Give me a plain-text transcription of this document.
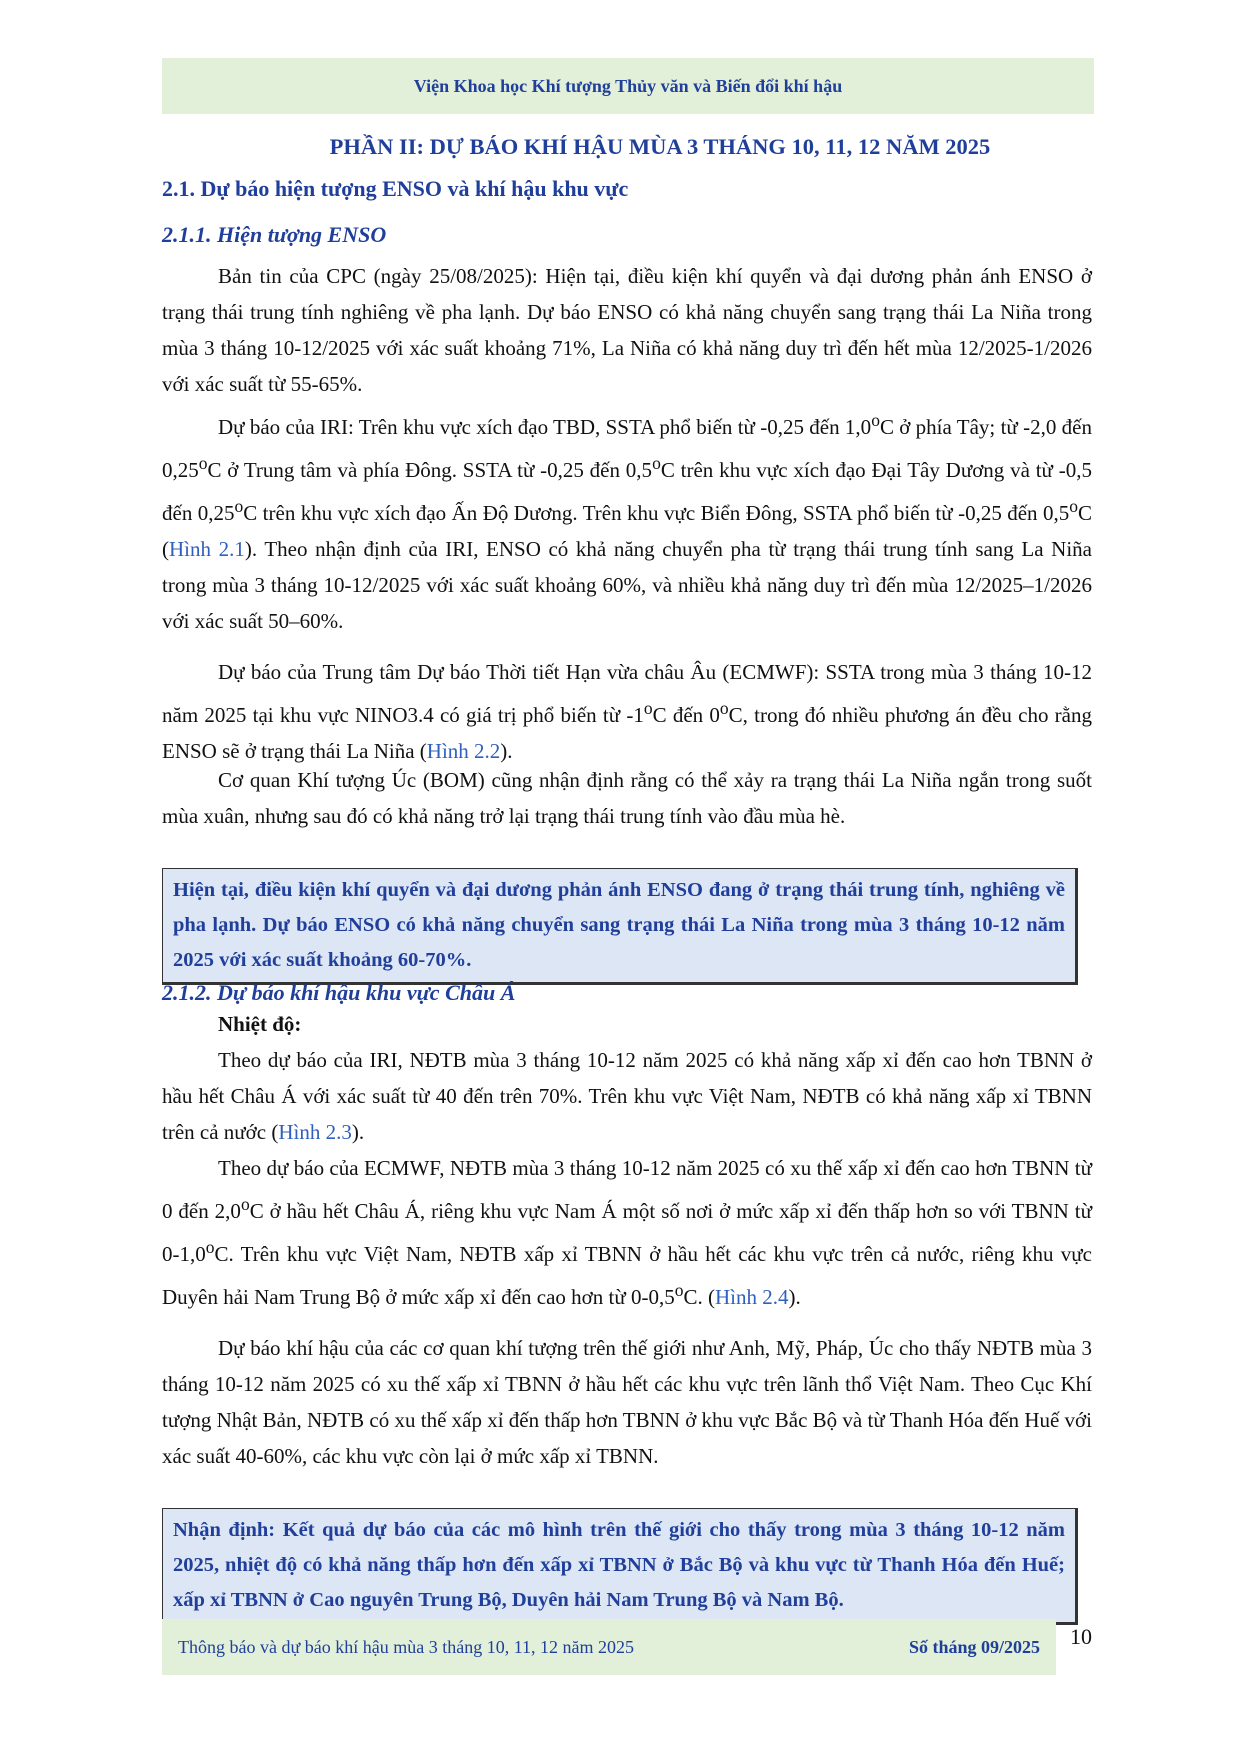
Viện Khoa học Khí tượng Thủy văn và Biến đổi khí hậu
PHẦN II: DỰ BÁO KHÍ HẬU MÙA 3 THÁNG 10, 11, 12 NĂM 2025
2.1. Dự báo hiện tượng ENSO và khí hậu khu vực
2.1.1. Hiện tượng ENSO

Bản tin của CPC (ngày 25/08/2025): Hiện tại, điều kiện khí quyển và đại dương phản ánh ENSO ở trạng thái trung tính nghiêng về pha lạnh. Dự báo ENSO có khả năng chuyển sang trạng thái La Niña trong mùa 3 tháng 10-12/2025 với xác suất khoảng 71%, La Niña có khả năng duy trì đến hết mùa 12/2025-1/2026 với xác suất từ 55-65%.

Dự báo của IRI: Trên khu vực xích đạo TBD, SSTA phổ biến từ -0,25 đến 1,0$^o$C ở phía Tây; từ -2,0 đến 0,25$^o$C ở Trung tâm và phía Đông. SSTA từ -0,25 đến 0,5$^o$C trên khu vực xích đạo Đại Tây Dương và từ -0,5 đến 0,25$^o$C trên khu vực xích đạo Ấn Độ Dương. Trên khu vực Biển Đông, SSTA phổ biến từ -0,25 đến 0,5$^o$C (Hình 2.1). Theo nhận định của IRI, ENSO có khả năng chuyển pha từ trạng thái trung tính sang La Niña trong mùa 3 tháng 10-12/2025 với xác suất khoảng 60%, và nhiều khả năng duy trì đến mùa 12/2025–1/2026 với xác suất 50–60%.

Dự báo của Trung tâm Dự báo Thời tiết Hạn vừa châu Âu (ECMWF): SSTA trong mùa 3 tháng 10-12 năm 2025 tại khu vực NINO3.4 có giá trị phổ biến từ -1$^o$C đến 0$^o$C, trong đó nhiều phương án đều cho rằng ENSO sẽ ở trạng thái La Niña (Hình 2.2).

Cơ quan Khí tượng Úc (BOM) cũng nhận định rằng có thể xảy ra trạng thái La Niña ngắn trong suốt mùa xuân, nhưng sau đó có khả năng trở lại trạng thái trung tính vào đầu mùa hè.

Hiện tại, điều kiện khí quyển và đại dương phản ánh ENSO đang ở trạng thái trung tính, nghiêng về pha lạnh. Dự báo ENSO có khả năng chuyển sang trạng thái La Niña trong mùa 3 tháng 10-12 năm 2025 với xác suất khoảng 60-70%.
2.1.2. Dự báo khí hậu khu vực Châu Á
Nhiệt độ:

Theo dự báo của IRI, NĐTB mùa 3 tháng 10-12 năm 2025 có khả năng xấp xỉ đến cao hơn TBNN ở hầu hết Châu Á với xác suất từ 40 đến trên 70%. Trên khu vực Việt Nam, NĐTB có khả năng xấp xỉ TBNN trên cả nước (Hình 2.3).

Theo dự báo của ECMWF, NĐTB mùa 3 tháng 10-12 năm 2025 có xu thế xấp xỉ đến cao hơn TBNN từ 0 đến 2,0$^o$C ở hầu hết Châu Á, riêng khu vực Nam Á một số nơi ở mức xấp xỉ đến thấp hơn so với TBNN từ 0-1,0$^o$C. Trên khu vực Việt Nam, NĐTB xấp xỉ TBNN ở hầu hết các khu vực trên cả nước, riêng khu vực Duyên hải Nam Trung Bộ ở mức xấp xỉ đến cao hơn từ 0-0,5$^o$C. (Hình 2.4).

Dự báo khí hậu của các cơ quan khí tượng trên thế giới như Anh, Mỹ, Pháp, Úc cho thấy NĐTB mùa 3 tháng 10-12 năm 2025 có xu thế xấp xỉ TBNN ở hầu hết các khu vực trên lãnh thổ Việt Nam. Theo Cục Khí tượng Nhật Bản, NĐTB có xu thế xấp xỉ đến thấp hơn TBNN ở khu vực Bắc Bộ và từ Thanh Hóa đến Huế với xác suất 40-60%, các khu vực còn lại ở mức xấp xỉ TBNN.

Nhận định: Kết quả dự báo của các mô hình trên thế giới cho thấy trong mùa 3 tháng 10-12 năm 2025, nhiệt độ có khả năng thấp hơn đến xấp xỉ TBNN ở Bắc Bộ và khu vực từ Thanh Hóa đến Huế; xấp xỉ TBNN ở Cao nguyên Trung Bộ, Duyên hải Nam Trung Bộ và Nam Bộ.
Thông báo và dự báo khí hậu mùa 3 tháng 10, 11, 12 năm 2025	Số tháng 09/2025 10
